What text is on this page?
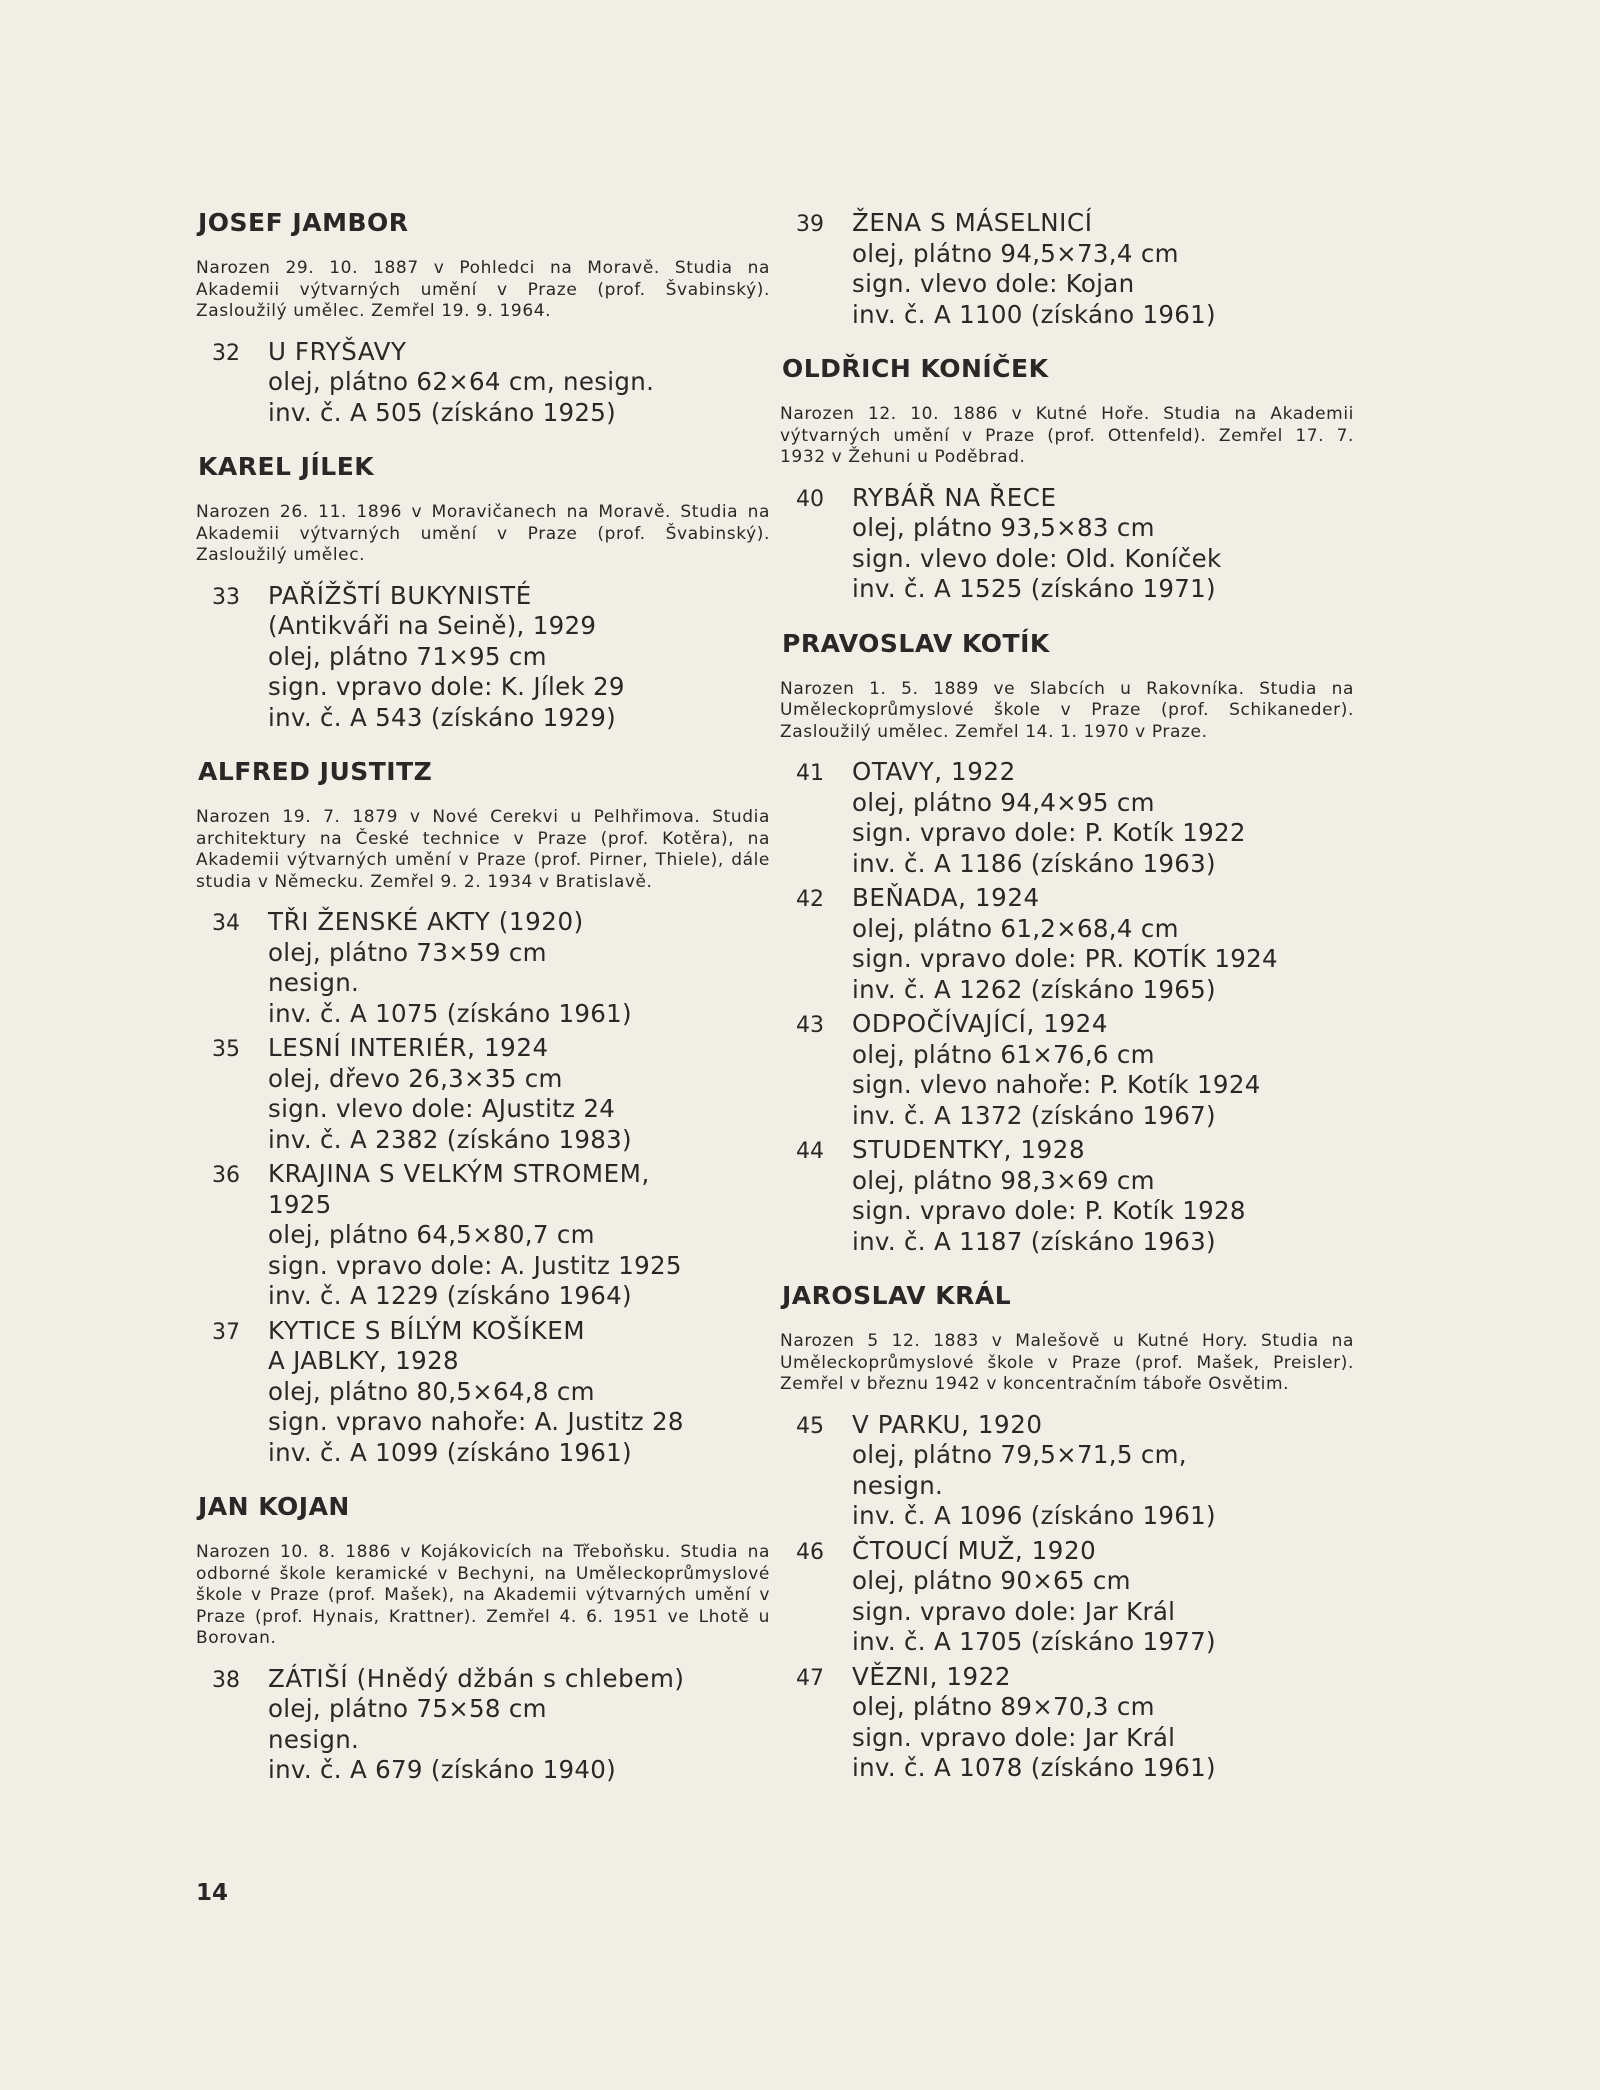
JOSEF JAMBOR
Narozen 29. 10. 1887 v Pohledci na Moravě. Studia na Akademii výtvarných umění v Praze (prof. Švabinský). Zasloužilý umělec. Zemřel 19. 9. 1964.
32 U FRYŠAVY
olej, plátno 62×64 cm, nesign.
inv. č. A 505 (získáno 1925)
KAREL JÍLEK
Narozen 26. 11. 1896 v Moravičanech na Moravě. Studia na Akademii výtvarných umění v Praze (prof. Švabinský). Zasloužilý umělec.
33 PAŘÍŽŠTÍ BUKYNISTÉ
(Antikváři na Seině), 1929
olej, plátno 71×95 cm
sign. vpravo dole: K. Jílek 29
inv. č. A 543 (získáno 1929)
ALFRED JUSTITZ
Narozen 19. 7. 1879 v Nové Cerekvi u Pelhřimova. Studia architektury na České technice v Praze (prof. Kotěra), na Akademii výtvarných umění v Praze (prof. Pirner, Thiele), dále studia v Německu. Zemřel 9. 2. 1934 v Bratislavě.
34 TŘI ŽENSKÉ AKTY (1920)
olej, plátno 73×59 cm
nesign.
inv. č. A 1075 (získáno 1961)
35 LESNÍ INTERIÉR, 1924
olej, dřevo 26,3×35 cm
sign. vlevo dole: AJustitz 24
inv. č. A 2382 (získáno 1983)
36 KRAJINA S VELKÝM STROMEM,
1925
olej, plátno 64,5×80,7 cm
sign. vpravo dole: A. Justitz 1925
inv. č. A 1229 (získáno 1964)
37 KYTICE S BÍLÝM KOŠÍKEM
A JABLKY, 1928
olej, plátno 80,5×64,8 cm
sign. vpravo nahoře: A. Justitz 28
inv. č. A 1099 (získáno 1961)
JAN KOJAN
Narozen 10. 8. 1886 v Kojákovicích na Třeboňsku. Studia na odborné škole keramické v Bechyni, na Uměleckoprůmyslové škole v Praze (prof. Mašek), na Akademii výtvarných umění v Praze (prof. Hynais, Krattner). Zemřel 4. 6. 1951 ve Lhotě u Borovan.
38 ZÁTIŠÍ (Hnědý džbán s chlebem)
olej, plátno 75×58 cm
nesign.
inv. č. A 679 (získáno 1940)
39 ŽENA S MÁSELNICÍ
olej, plátno 94,5×73,4 cm
sign. vlevo dole: Kojan
inv. č. A 1100 (získáno 1961)
OLDŘICH KONÍČEK
Narozen 12. 10. 1886 v Kutné Hoře. Studia na Akademii výtvarných umění v Praze (prof. Ottenfeld). Zemřel 17. 7. 1932 v Žehuni u Poděbrad.
40 RYBÁŘ NA ŘECE
olej, plátno 93,5×83 cm
sign. vlevo dole: Old. Koníček
inv. č. A 1525 (získáno 1971)
PRAVOSLAV KOTÍK
Narozen 1. 5. 1889 ve Slabcích u Rakovníka. Studia na Uměleckoprůmyslové škole v Praze (prof. Schikaneder). Zasloužilý umělec. Zemřel 14. 1. 1970 v Praze.
41 OTAVY, 1922
olej, plátno 94,4×95 cm
sign. vpravo dole: P. Kotík 1922
inv. č. A 1186 (získáno 1963)
42 BEŇADA, 1924
olej, plátno 61,2×68,4 cm
sign. vpravo dole: PR. KOTÍK 1924
inv. č. A 1262 (získáno 1965)
43 ODPOČÍVAJÍCÍ, 1924
olej, plátno 61×76,6 cm
sign. vlevo nahoře: P. Kotík 1924
inv. č. A 1372 (získáno 1967)
44 STUDENTKY, 1928
olej, plátno 98,3×69 cm
sign. vpravo dole: P. Kotík 1928
inv. č. A 1187 (získáno 1963)
JAROSLAV KRÁL
Narozen 5 12. 1883 v Malešově u Kutné Hory. Studia na Uměleckoprůmyslové škole v Praze (prof. Mašek, Preisler). Zemřel v březnu 1942 v koncentračním táboře Osvětim.
45 V PARKU, 1920
olej, plátno 79,5×71,5 cm,
nesign.
inv. č. A 1096 (získáno 1961)
46 ČTOUCÍ MUŽ, 1920
olej, plátno 90×65 cm
sign. vpravo dole: Jar Král
inv. č. A 1705 (získáno 1977)
47 VĚZNI, 1922
olej, plátno 89×70,3 cm
sign. vpravo dole: Jar Král
inv. č. A 1078 (získáno 1961)
14
